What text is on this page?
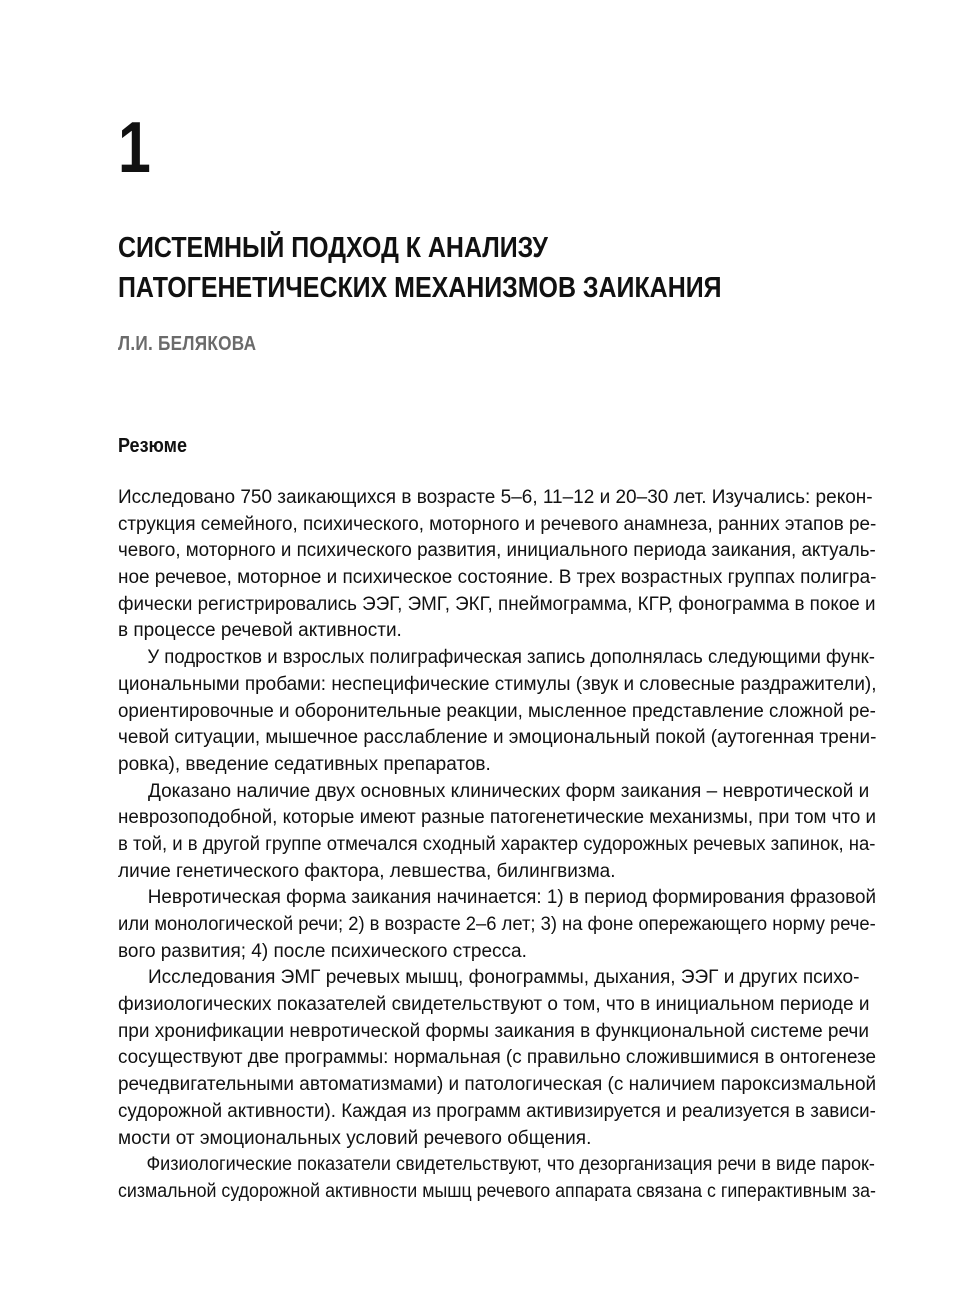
1
СИСТЕМНЫЙ ПОДХОД К АНАЛИЗУ
ПАТОГЕНЕТИЧЕСКИХ МЕХАНИЗМОВ ЗАИКАНИЯ
Л.И. БЕЛЯКОВА
Резюме
Исследовано 750 заикающихся в возрасте 5–6, 11–12 и 20–30 лет. Изучались: рекон-
струкция семейного, психического, моторного и речевого анамнеза, ранних этапов ре-
чевого, моторного и психического развития, инициального периода заикания, актуаль-
ное речевое, моторное и психическое состояние. В трех возрастных группах полигра-
фически регистрировались ЭЭГ, ЭМГ, ЭКГ, пнеймограмма, КГР, фонограмма в покое и
в процессе речевой активности.
У подростков и взрослых полиграфическая запись дополнялась следующими функ-
циональными пробами: неспецифические стимулы (звук и словесные раздражители),
ориентировочные и оборонительные реакции, мысленное представление сложной ре-
чевой ситуации, мышечное расслабление и эмоциональный покой (аутогенная трени-
ровка), введение седативных препаратов.
Доказано наличие двух основных клинических форм заикания – невротической и
неврозоподобной, которые имеют разные патогенетические механизмы, при том что и
в той, и в другой группе отмечался сходный характер судорожных речевых запинок, на-
личие генетического фактора, левшества, билингвизма.
Невротическая форма заикания начинается: 1) в период формирования фразовой
или монологической речи; 2) в возрасте 2–6 лет; 3) на фоне опережающего норму рече-
вого развития; 4) после психического стресса.
Исследования ЭМГ речевых мышц, фонограммы, дыхания, ЭЭГ и других психо-
физиологических показателей свидетельствуют о том, что в инициальном периоде и
при хронификации невротической формы заикания в функциональной системе речи
сосуществуют две программы: нормальная (с правильно сложившимися в онтогенезе
речедвигательными автоматизмами) и патологическая (с наличием пароксизмальной
судорожной активности). Каждая из программ активизируется и реализуется в зависи-
мости от эмоциональных условий речевого общения.
Физиологические показатели свидетельствуют, что дезорганизация речи в виде парок-
сизмальной судорожной активности мышц речевого аппарата связана с гиперактивным за-
